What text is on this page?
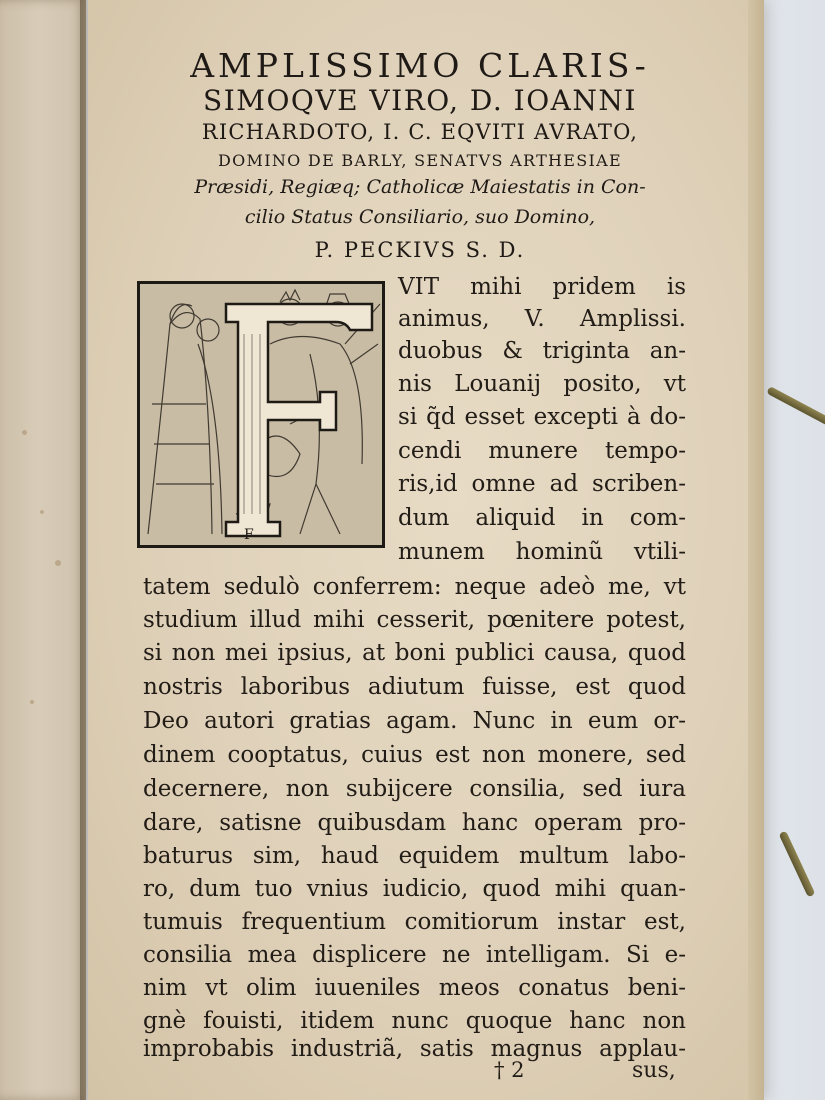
AMPLISSIMO CLARIS-
SIMOQVE VIRO, D. IOANNI
RICHARDOTO, I. C. EQVITI AVRATO,
DOMINO DE BARLY, SENATVS ARTHESIAE
Præsidi, Regiæq; Catholicæ Maiestatis in Con-
cilio Status Consiliario, suo Domino,
P. PECKIVS S. D.
F
VIT mihi pridem is
animus, V. Amplissi.
duobus & triginta an-
nis Louanij posito, vt
si q̃d esset excepti à do-
cendi munere tempo-
ris,id omne ad scriben-
dum aliquid in com-
munem hominũ vtili-
tatem sedulò conferrem: neque adeò me, vt
studium illud mihi cesserit, pœnitere potest,
si non mei ipsius, at boni publici causa, quod
nostris laboribus adiutum fuisse, est quod
Deo autori gratias agam. Nunc in eum or-
dinem cooptatus, cuius est non monere, sed
decernere, non subijcere consilia, sed iura
dare, satisne quibusdam hanc operam pro-
baturus sim, haud equidem multum labo-
ro, dum tuo vnius iudicio, quod mihi quan-
tumuis frequentium comitiorum instar est,
consilia mea displicere ne intelligam. Si e-
nim vt olim iuueniles meos conatus beni-
gnè fouisti, itidem nunc quoque hanc non
improbabis industriã, satis magnus applau-
† 2	sus,
